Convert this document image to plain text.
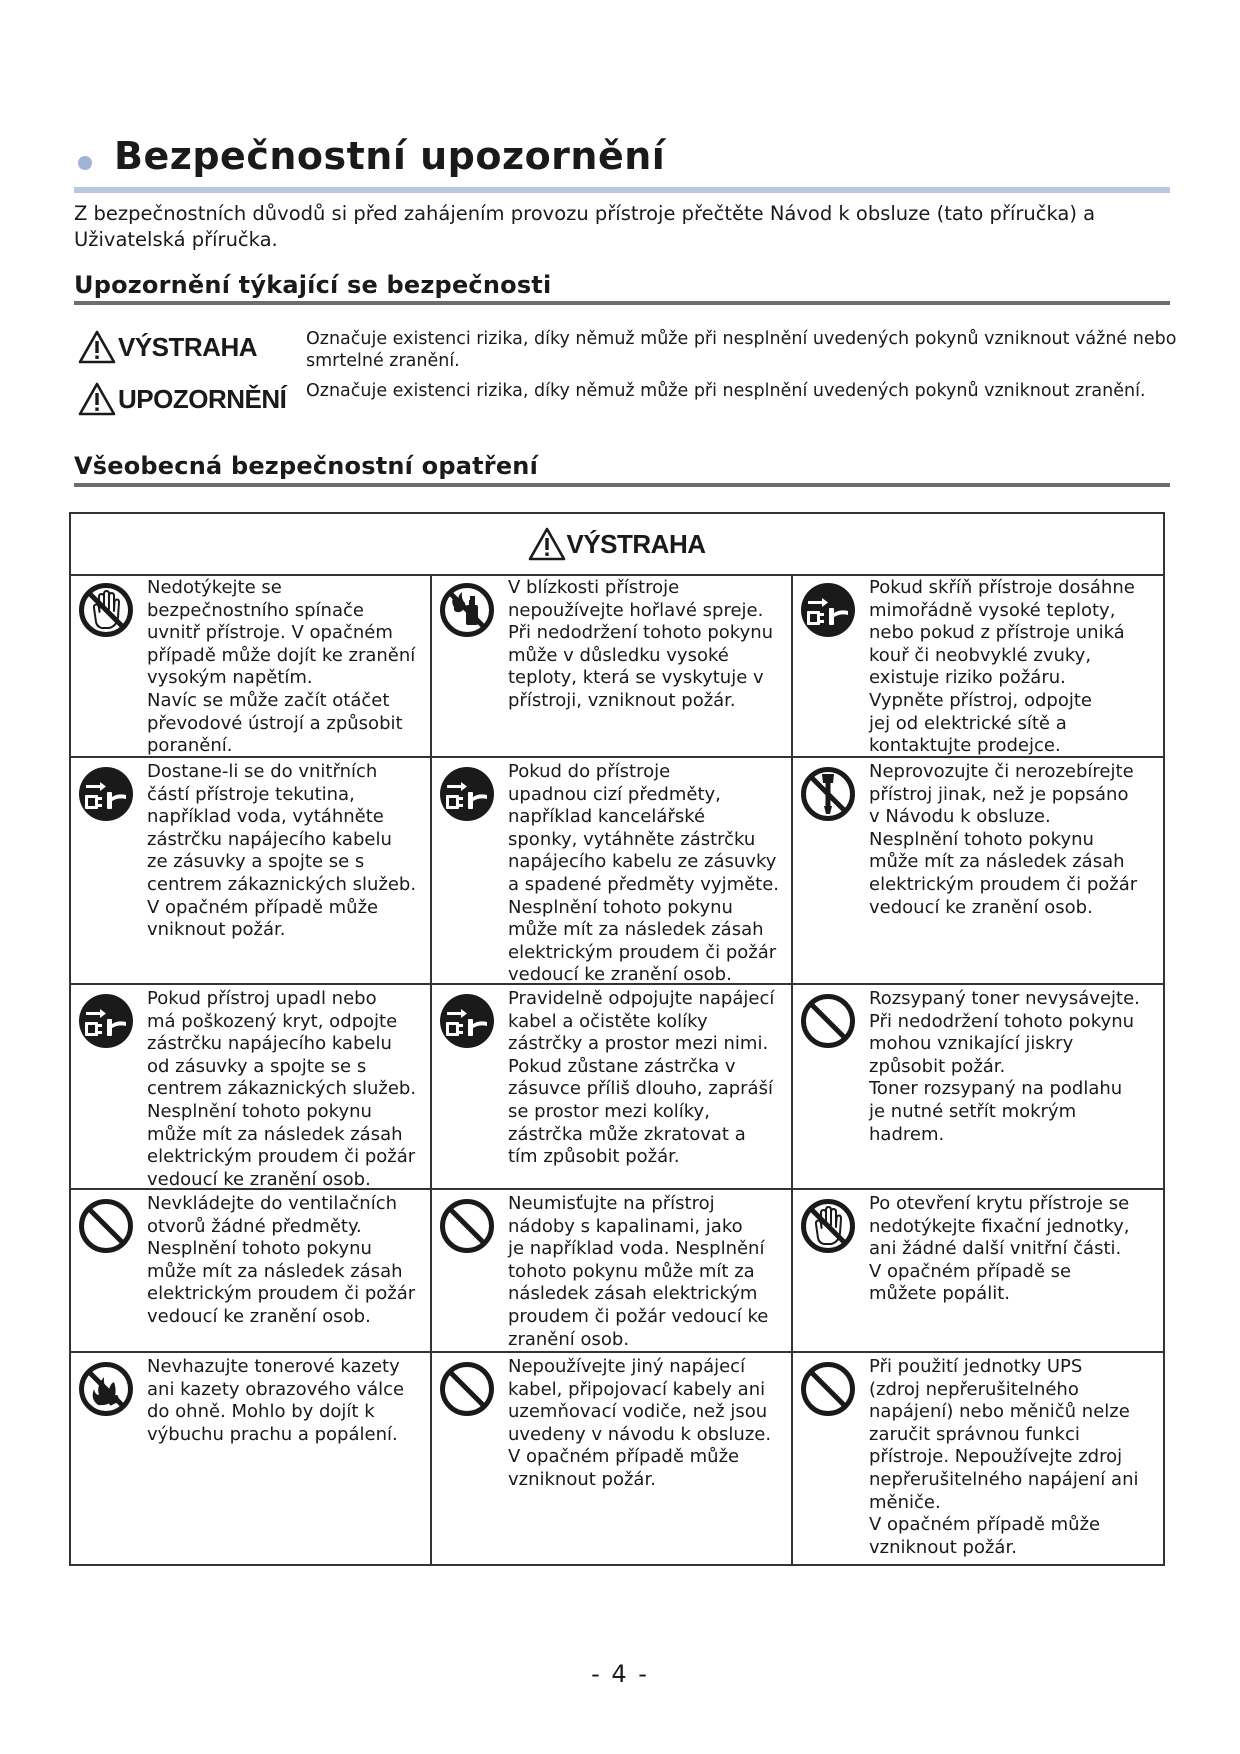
Bezpečnostní upozornění
Z bezpečnostních důvodů si před zahájením provozu přístroje přečtěte Návod k obsluze (tato příručka) a Uživatelská příručka.
Upozornění týkající se bezpečnosti
VÝSTRAHA	Označuje existenci rizika, díky němuž může při nesplnění uvedených pokynů vzniknout vážné nebo smrtelné zranění.
UPOZORNĚNÍ Označuje existenci rizika, díky němuž může při nesplnění uvedených pokynů vzniknout zranění.
Všeobecná bezpečnostní opatření
VÝSTRAHA
Nedotýkejte se
bezpečnostního spínače
uvnitř přístroje. V opačném
případě může dojít ke zranění
vysokým napětím.
Navíc se může začít otáčet
převodové ústrojí a způsobit
poranění.
V blízkosti přístroje
nepoužívejte hořlavé spreje.
Při nedodržení tohoto pokynu
může v důsledku vysoké
teploty, která se vyskytuje v
přístroji, vzniknout požár.
Pokud skříň přístroje dosáhne
mimořádně vysoké teploty,
nebo pokud z přístroje uniká
kouř či neobvyklé zvuky,
existuje riziko požáru.
Vypněte přístroj, odpojte
jej od elektrické sítě a
kontaktujte prodejce.
Dostane-li se do vnitřních
částí přístroje tekutina,
například voda, vytáhněte
zástrčku napájecího kabelu
ze zásuvky a spojte se s
centrem zákaznických služeb.
V opačném případě může
vniknout požár.
Pokud do přístroje
upadnou cizí předměty,
například kancelářské
sponky, vytáhněte zástrčku
napájecího kabelu ze zásuvky
a spadené předměty vyjměte.
Nesplnění tohoto pokynu
může mít za následek zásah
elektrickým proudem či požár
vedoucí ke zranění osob.
Neprovozujte či nerozebírejte
přístroj jinak, než je popsáno
v Návodu k obsluze.
Nesplnění tohoto pokynu
může mít za následek zásah
elektrickým proudem či požár
vedoucí ke zranění osob.
Pokud přístroj upadl nebo
má poškozený kryt, odpojte
zástrčku napájecího kabelu
od zásuvky a spojte se s
centrem zákaznických služeb.
Nesplnění tohoto pokynu
může mít za následek zásah
elektrickým proudem či požár
vedoucí ke zranění osob.
Pravidelně odpojujte napájecí
kabel a očistěte kolíky
zástrčky a prostor mezi nimi.
Pokud zůstane zástrčka v
zásuvce příliš dlouho, zapráší
se prostor mezi kolíky,
zástrčka může zkratovat a
tím způsobit požár.
Rozsypaný toner nevysávejte.
Při nedodržení tohoto pokynu
mohou vznikající jiskry
způsobit požár.
Toner rozsypaný na podlahu
je nutné setřít mokrým
hadrem.
Nevkládejte do ventilačních
otvorů žádné předměty.
Nesplnění tohoto pokynu
může mít za následek zásah
elektrickým proudem či požár
vedoucí ke zranění osob.
Neumisťujte na přístroj
nádoby s kapalinami, jako
je například voda. Nesplnění
tohoto pokynu může mít za
následek zásah elektrickým
proudem či požár vedoucí ke
zranění osob.
Po otevření krytu přístroje se
nedotýkejte fixační jednotky,
ani žádné další vnitřní části.
V opačném případě se
můžete popálit.
Nevhazujte tonerové kazety
ani kazety obrazového válce
do ohně. Mohlo by dojít k
výbuchu prachu a popálení.
Nepoužívejte jiný napájecí
kabel, připojovací kabely ani
uzemňovací vodiče, než jsou
uvedeny v návodu k obsluze.
V opačném případě může
vzniknout požár.
Při použití jednotky UPS
(zdroj nepřerušitelného
napájení) nebo měničů nelze
zaručit správnou funkci
přístroje. Nepoužívejte zdroj
nepřerušitelného napájení ani
měniče.
V opačném případě může
vzniknout požár.
- 4 -
